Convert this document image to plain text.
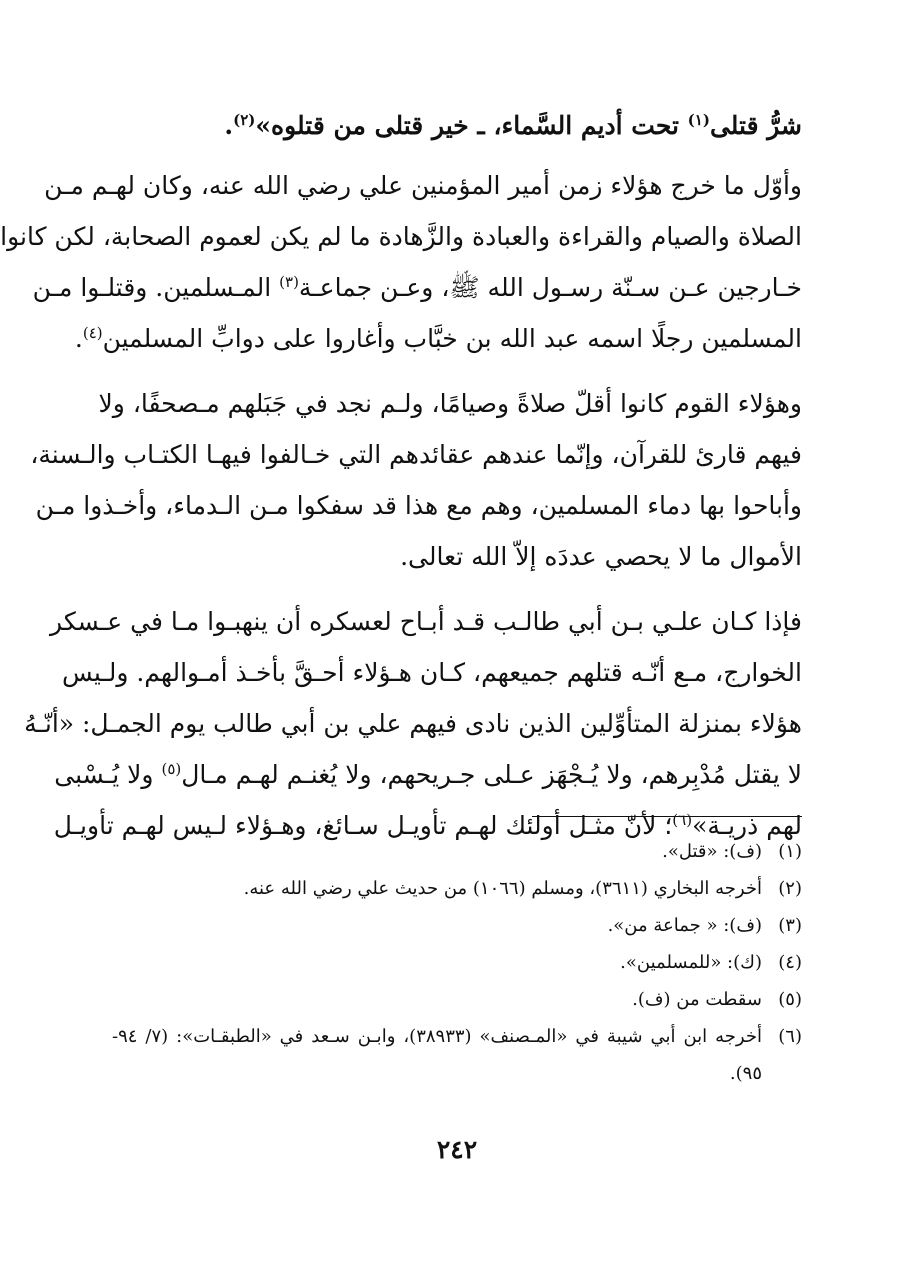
شرُّ قتلى$^{(١)}$ تحت أديم السَّماء، ـ خير قتلى من قتلوه»$^{(٢)}$.
وأوّل ما خرج هؤلاء زمن أمير المؤمنين علي رضي الله عنه، وكان لهـم مـن
الصلاة والصيام والقراءة والعبادة والزَّهادة ما لم يكن لعموم الصحابة، لكن كانوا
خـارجين عـن سـنّة رسـول الله ﷺ، وعـن جماعـة$^{(٣)}$ المـسلمين. وقتلـوا مـن
المسلمين رجلًا اسمه عبد الله بن خبَّاب وأغاروا على دوابِّ المسلمين$^{(٤)}$.
وهؤلاء القوم كانوا أقلّ صلاةً وصيامًا، ولـم نجد في جَبَلهم مـصحفًا، ولا
فيهم قارئ للقرآن، وإنّما عندهم عقائدهم التي خـالفوا فيهـا الكتـاب والـسنة،
وأباحوا بها دماء المسلمين، وهم مع هذا قد سفكوا مـن الـدماء، وأخـذوا مـن
الأموال ما لا يحصي عددَه إلاّ الله تعالى.
فإذا كـان علـي بـن أبي طالـب قـد أبـاح لعسكره أن ينهبـوا مـا في عـسكر
الخوارج، مـع أنّـه قتلهم جميعهم، كـان هـؤلاء أحـقَّ بأخـذ أمـوالهم. ولـيس
هؤلاء بمنزلة المتأوِّلين الذين نادى فيهم علي بن أبي طالب يوم الجمـل: «أنّـهُ
لا يقتل مُدْبِرهم، ولا يُـجْهَز عـلى جـريحهم، ولا يُغنـم لهـم مـال$^{(٥)}$ ولا يُـسْبى
لهم ذريـة»$^{(٦)}$؛ لأنّ مثـل أولئك لهـم تأويـل سـائغ، وهـؤلاء لـيس لهـم تأويـل
(١)(ف): «قتل».
(٢)أخرجه البخاري (٣٦١١)، ومسلم (١٠٦٦) من حديث علي رضي الله عنه.
(٣)(ف): « جماعة من».
(٤)(ك): «للمسلمين».
(٥)سقطت من (ف).
(٦)أخرجه ابن أبي شيبة في «المـصنف» (٣٨٩٣٣)، وابـن سـعد في «الطبقـات»: (٧/ ٩٤-
٩٥).
٢٤٢
